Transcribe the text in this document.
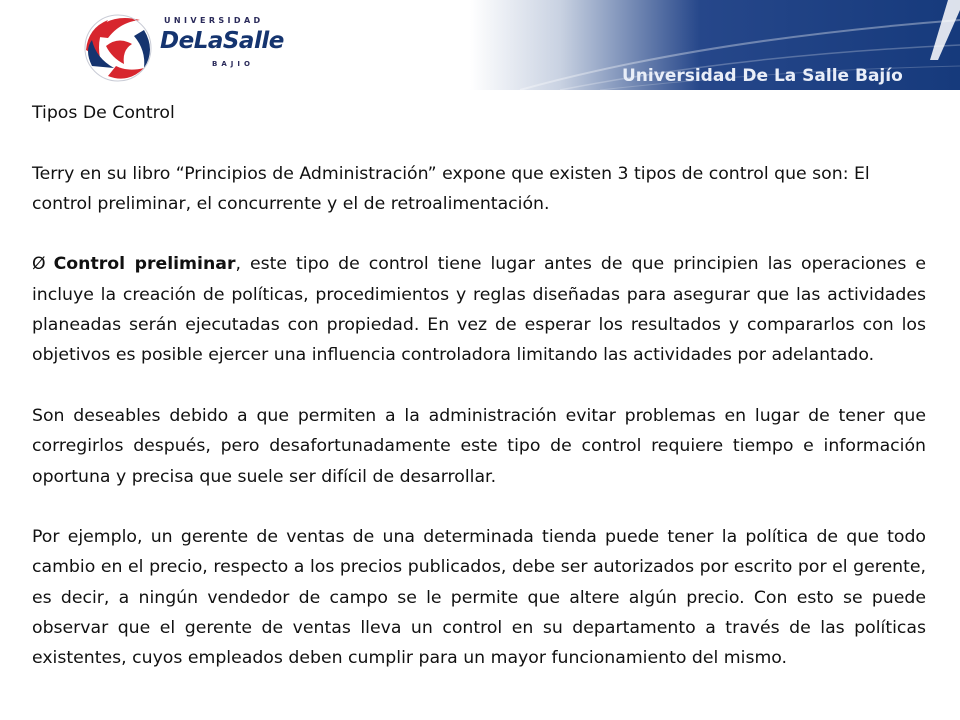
UNIVERSIDAD
DeLaSalle
BAJIO
Universidad De La Salle Bajío

Tipos De Control

Terry en su libro “Principios de Administración” expone que existen 3 tipos de control que son: El control preliminar, el concurrente y el de retroalimentación.

Ø Control preliminar, este tipo de control tiene lugar antes de que principien las operaciones e incluye la creación de políticas, procedimientos y reglas diseñadas para asegurar que las actividades planeadas serán ejecutadas con propiedad. En vez de esperar los resultados y compararlos con los objetivos es posible ejercer una influencia controladora limitando las actividades por adelantado.

Son deseables debido a que permiten a la administración evitar problemas en lugar de tener que corregirlos después, pero desafortunadamente este tipo de control requiere tiempo e información oportuna y precisa que suele ser difícil de desarrollar.

Por ejemplo, un gerente de ventas de una determinada tienda puede tener la política de que todo cambio en el precio, respecto a los precios publicados, debe ser autorizados por escrito por el gerente, es decir, a ningún vendedor de campo se le permite que altere algún precio. Con esto se puede observar que el gerente de ventas lleva un control en su departamento a través de las políticas existentes, cuyos empleados deben cumplir para un mayor funcionamiento del mismo.
